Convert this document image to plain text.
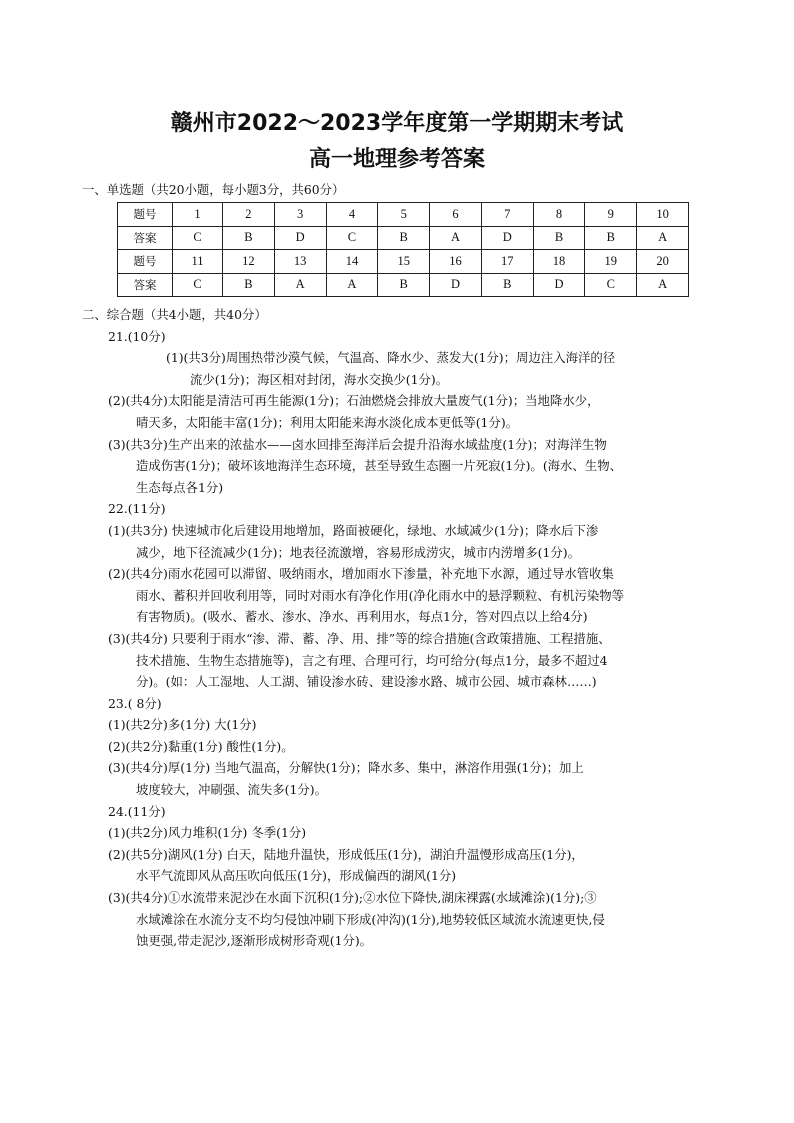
赣州市2022～2023学年度第一学期期末考试
高一地理参考答案
一、单选题（共20小题，每小题3分，共60分）
题号	1	2	3	4	5	6	7	8	9	10
答案	C	B	D	C	B	A	D	B	B	A
题号	11	12	13	14	15	16	17	18	19	20
答案	C	B	A	A	B	D	B	D	C	A
二、综合题（共4小题，共40分）
21.(10分)
(1)(共3分)周围热带沙漠气候，气温高、降水少、蒸发大(1分)；周边注入海洋的径
流少(1分)；海区相对封闭，海水交换少(1分)。
(2)(共4分)太阳能是清洁可再生能源(1分)；石油燃烧会排放大量废气(1分)；当地降水少，
晴天多，太阳能丰富(1分)；利用太阳能来海水淡化成本更低等(1分)。
(3)(共3分)生产出来的浓盐水——卤水回排至海洋后会提升沿海水域盐度(1分)；对海洋生物
造成伤害(1分)；破坏该地海洋生态环境，甚至导致生态圈一片死寂(1分)。(海水、生物、
生态每点各1分)
22.(11分)
(1)(共3分) 快速城市化后建设用地增加，路面被硬化，绿地、水域减少(1分)；降水后下渗
减少，地下径流减少(1分)；地表径流激增，容易形成涝灾，城市内涝增多(1分)。
(2)(共4分)雨水花园可以滞留、吸纳雨水，增加雨水下渗量，补充地下水源，通过导水管收集
雨水、蓄积并回收利用等，同时对雨水有净化作用(净化雨水中的悬浮颗粒、有机污染物等
有害物质)。(吸水、蓄水、渗水、净水、再利用水，每点1分，答对四点以上给4分)
(3)(共4分) 只要利于雨水“渗、滞、蓄、净、用、排”等的综合措施(含政策措施、工程措施、
技术措施、生物生态措施等)，言之有理、合理可行，均可给分(每点1分，最多不超过4
分)。(如：人工湿地、人工湖、铺设渗水砖、建设渗水路、城市公园、城市森林……)
23.( 8分)
(1)(共2分)多(1分) 大(1分)
(2)(共2分)黏重(1分) 酸性(1分)。
(3)(共4分)厚(1分) 当地气温高，分解快(1分)；降水多、集中，淋溶作用强(1分)；加上
坡度较大，冲刷强、流失多(1分)。
24.(11分)
(1)(共2分)风力堆积(1分) 冬季(1分)
(2)(共5分)湖风(1分) 白天，陆地升温快，形成低压(1分)，湖泊升温慢形成高压(1分)，
水平气流即风从高压吹向低压(1分)，形成偏西的湖风(1分)
(3)(共4分)①水流带来泥沙在水面下沉积(1分);②水位下降快,湖床裸露(水域滩涂)(1分);③
水域滩涂在水流分支不均匀侵蚀冲刷下形成(冲沟)(1分),地势较低区域流水流速更快,侵
蚀更强,带走泥沙,逐渐形成树形奇观(1分)。
